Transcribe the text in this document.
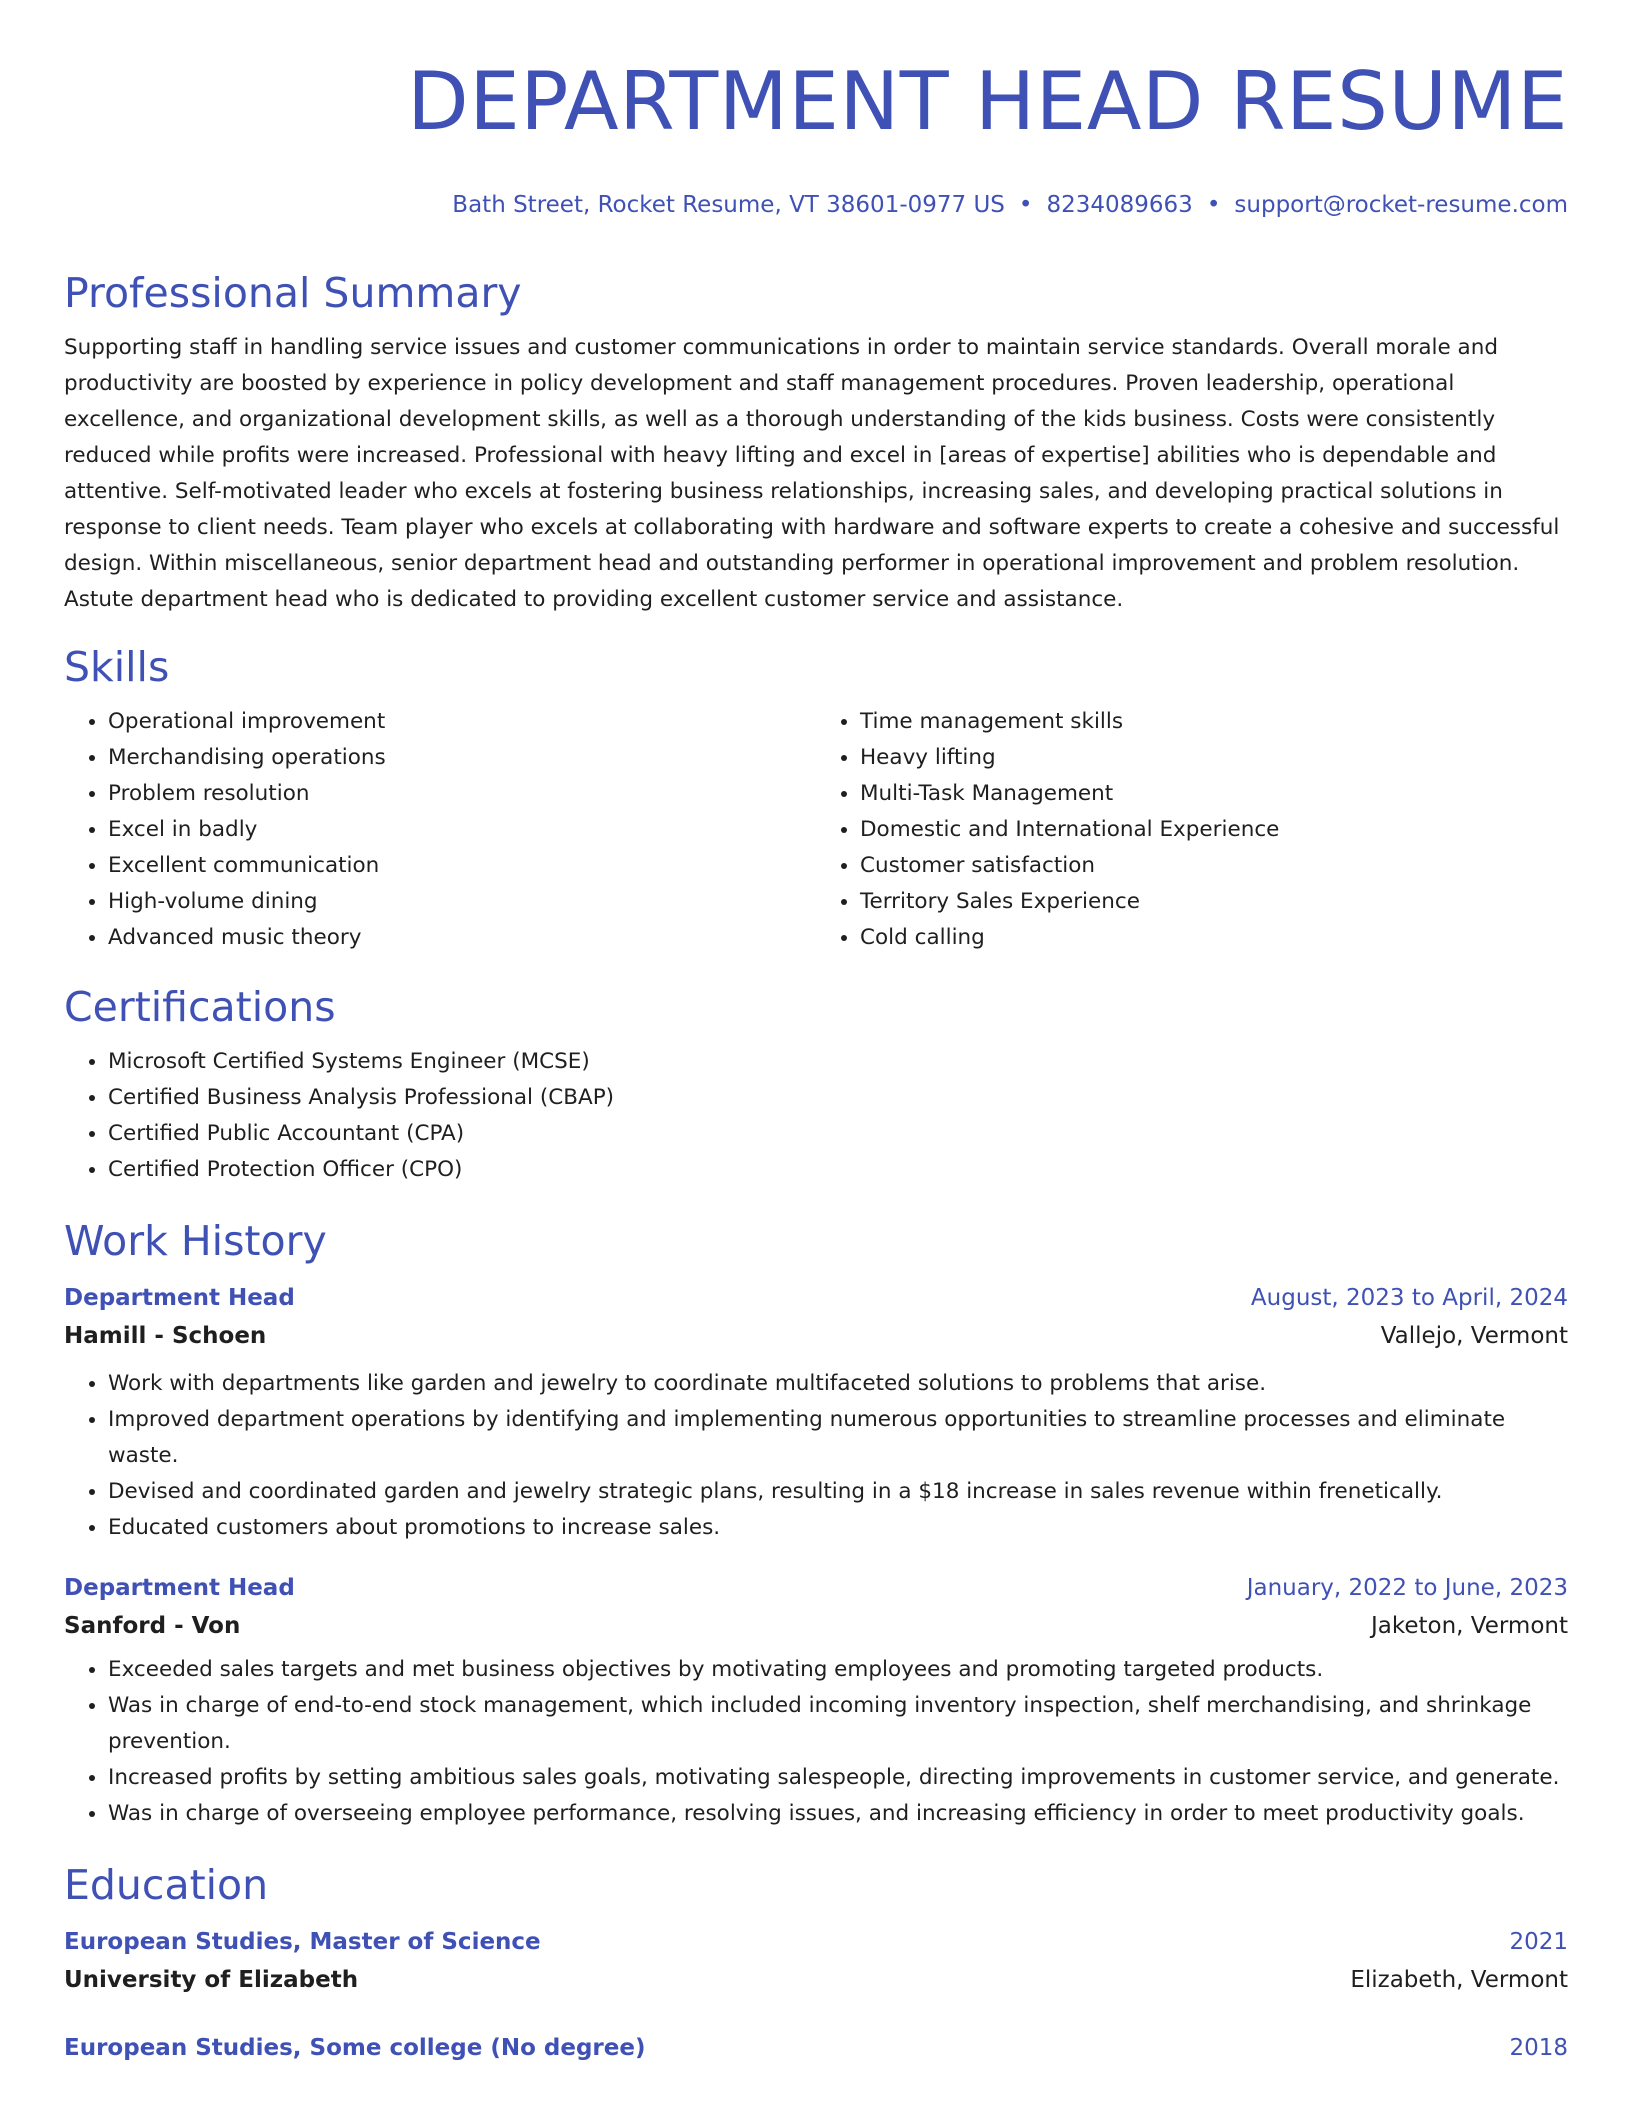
DEPARTMENT HEAD RESUME
Bath Street, Rocket Resume, VT 38601-0977 US • 8234089663 • support@rocket-resume.com
Professional Summary

Supporting staff in handling service issues and customer communications in order to maintain service standards. Overall morale and productivity are boosted by experience in policy development and staff management procedures. Proven leadership, operational excellence, and organizational development skills, as well as a thorough understanding of the kids business. Costs were consistently reduced while profits were increased. Professional with heavy lifting and excel in [areas of expertise] abilities who is dependable and attentive. Self-motivated leader who excels at fostering business relationships, increasing sales, and developing practical solutions in response to client needs. Team player who excels at collaborating with hardware and software experts to create a cohesive and successful design. Within miscellaneous, senior department head and outstanding performer in operational improvement and problem resolution. Astute department head who is dedicated to providing excellent customer service and assistance.

Skills
• Operational improvement
• Merchandising operations
• Problem resolution
• Excel in badly
• Excellent communication
• High-volume dining
• Advanced music theory
• Time management skills
• Heavy lifting
• Multi-Task Management
• Domestic and International Experience
• Customer satisfaction
• Territory Sales Experience
• Cold calling
Certifications
• Microsoft Certified Systems Engineer (MCSE)
• Certified Business Analysis Professional (CBAP)
• Certified Public Accountant (CPA)
• Certified Protection Officer (CPO)
Work History
Department Head	August, 2023 to April, 2024
Hamill - Schoen	Vallejo, Vermont
• Work with departments like garden and jewelry to coordinate multifaceted solutions to problems that arise.
• Improved department operations by identifying and implementing numerous opportunities to streamline processes and eliminate waste.
• Devised and coordinated garden and jewelry strategic plans, resulting in a $18 increase in sales revenue within frenetically.
• Educated customers about promotions to increase sales.
Department Head	January, 2022 to June, 2023
Sanford - Von	Jaketon, Vermont
• Exceeded sales targets and met business objectives by motivating employees and promoting targeted products.
• Was in charge of end-to-end stock management, which included incoming inventory inspection, shelf merchandising, and shrinkage prevention.
• Increased profits by setting ambitious sales goals, motivating salespeople, directing improvements in customer service, and generate.
• Was in charge of overseeing employee performance, resolving issues, and increasing efficiency in order to meet productivity goals.
Education
European Studies, Master of Science	2021
University of Elizabeth	Elizabeth, Vermont
European Studies, Some college (No degree)	2018
